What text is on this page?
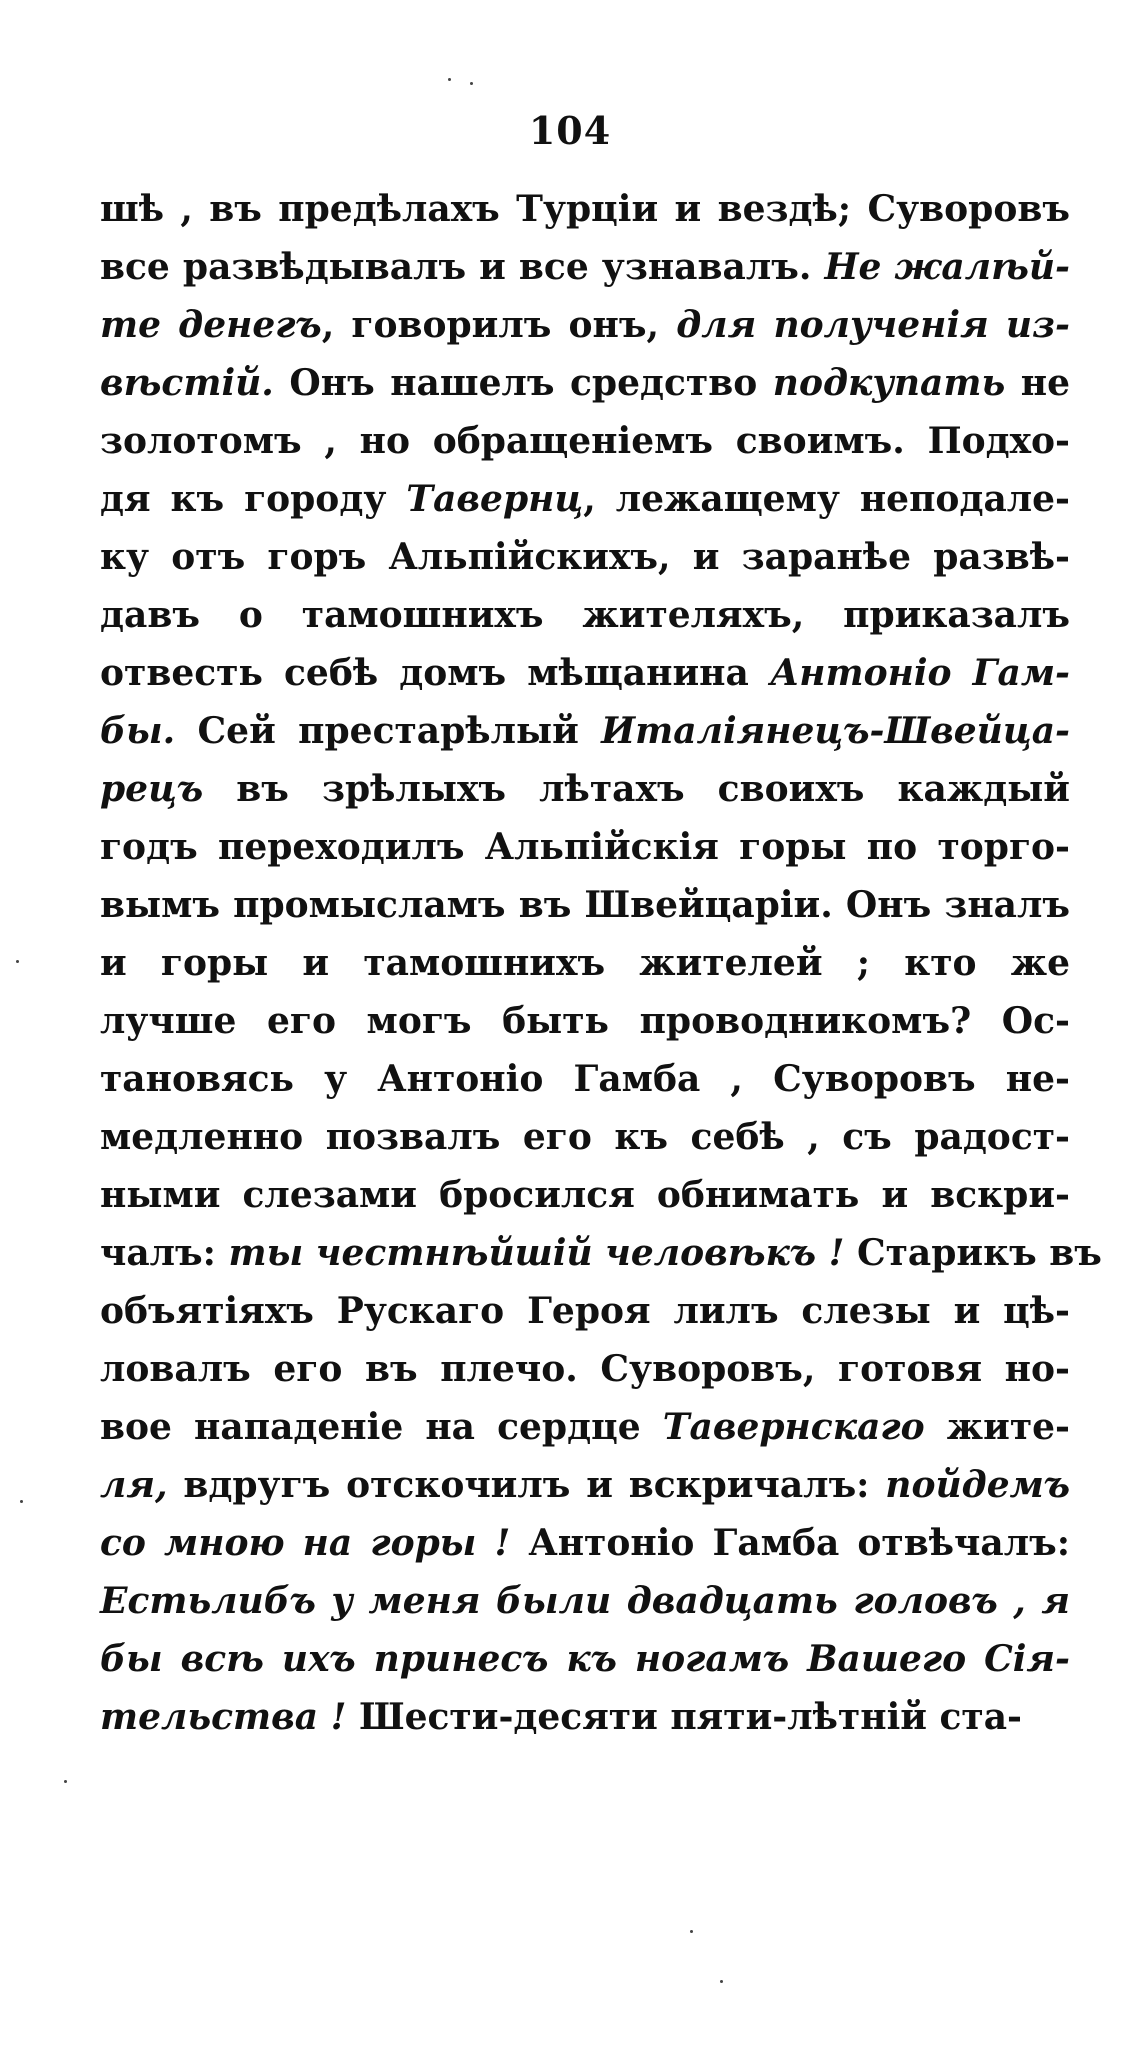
104
шѣ , въ предѣлахъ Турціи и вездѣ; Суворовъ
все развѣдывалъ и все узнавалъ. Не жалѣй-
те денегъ, говорилъ онъ, для полученія из-
вѣстій. Онъ нашелъ средство подкупать не
золотомъ , но обращеніемъ своимъ. Подхо-
дя къ городу Тавернц, лежащему неподале-
ку отъ горъ Альпійскихъ, и заранѣе развѣ-
давъ о тамошнихъ жителяхъ, приказалъ
отвесть себѣ домъ мѣщанина Антоніо Гам-
бы. Сей престарѣлый Италіянецъ-Швейца-
рецъ въ зрѣлыхъ лѣтахъ своихъ каждый
годъ переходилъ Альпійскія горы по торго-
вымъ промысламъ въ Швейцаріи. Онъ зналъ
и горы и тамошнихъ жителей ; кто же
лучше его могъ быть проводникомъ? Ос-
тановясь у Антоніо Гамба , Суворовъ не-
медленно позвалъ его къ себѣ , съ радост-
ными слезами бросился обнимать и вскри-
чалъ: ты честнѣйшій человѣкъ ! Старикъ въ
объятіяхъ Рускаго Героя лилъ слезы и цѣ-
ловалъ его въ плечо. Суворовъ, готовя но-
вое нападеніе на сердце Тавернскаго жите-
ля, вдругъ отскочилъ и вскричалъ: пойдемъ
со мною на горы ! Антоніо Гамба отвѣчалъ:
Естьлибъ у меня были двадцать головъ , я
бы всѣ ихъ принесъ къ ногамъ Вашего Сія-
тельства ! Шести-десяти пяти-лѣтній ста-
